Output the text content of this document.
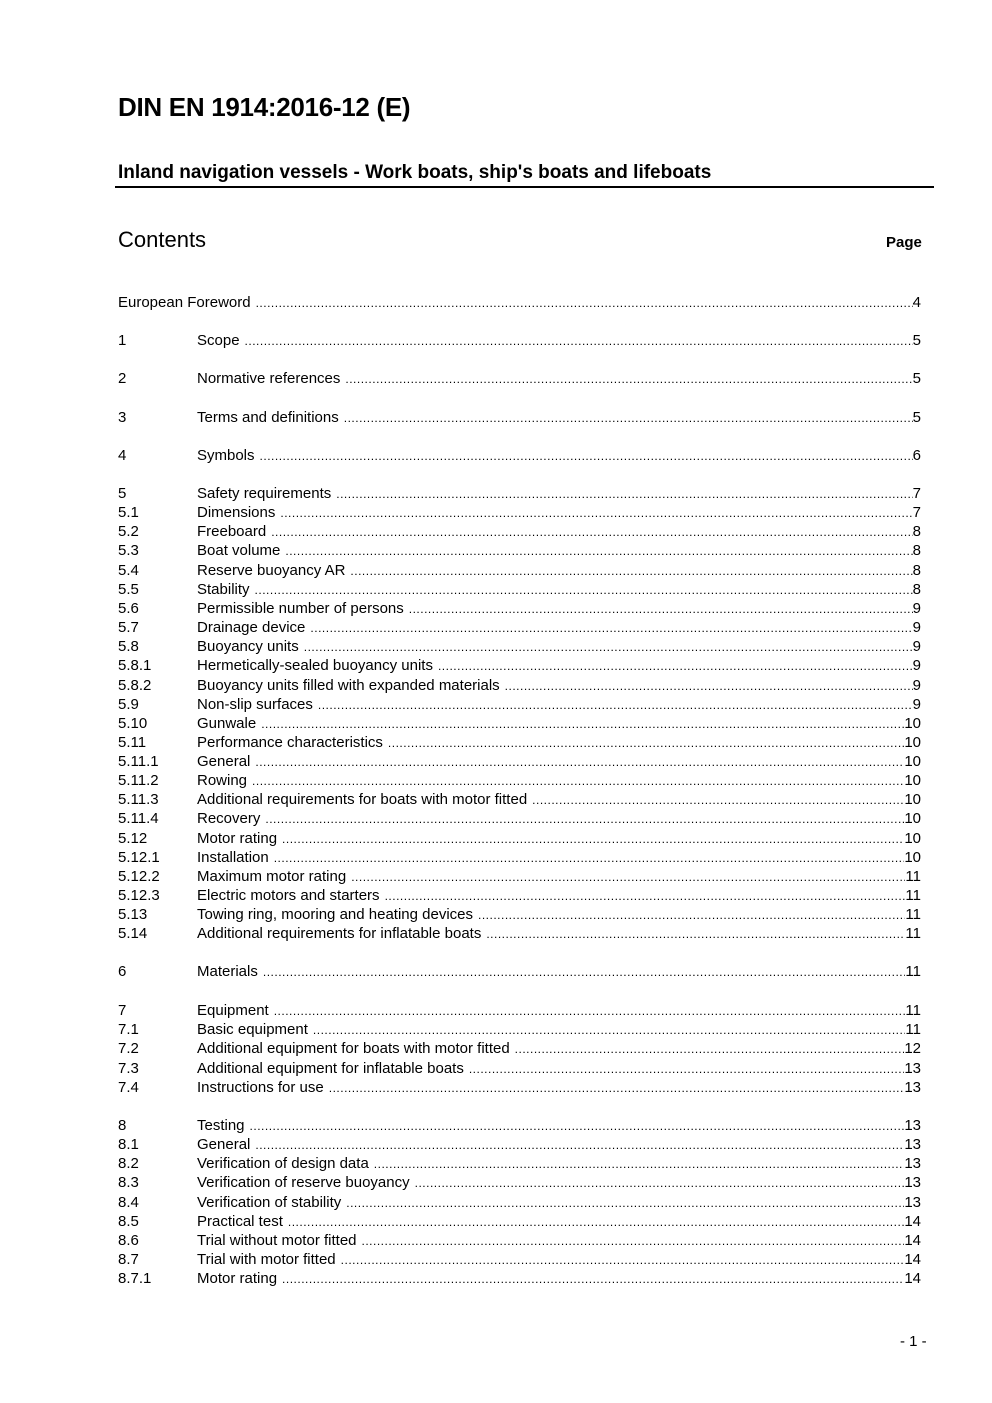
DIN EN 1914:2016-12 (E)
Inland navigation vessels - Work boats, ship's boats and lifeboats
Contents	Page
European Foreword .....	4
1	Scope .....	5
2	Normative references .....	5
3	Terms and definitions .....	5
4	Symbols .....	6
5	Safety requirements .....	7
5.1	Dimensions .....	7
5.2	Freeboard .....	8
5.3	Boat volume .....	8
5.4	Reserve buoyancy AR .....	8
5.5	Stability .....	8
5.6	Permissible number of persons .....	9
5.7	Drainage device .....	9
5.8	Buoyancy units .....	9
5.8.1	Hermetically-sealed buoyancy units .....	9
5.8.2	Buoyancy units filled with expanded materials .....	9
5.9	Non-slip surfaces .....	9
5.10	Gunwale .....	10
5.11	Performance characteristics .....	10
5.11.1	General .....	10
5.11.2	Rowing .....	10
5.11.3	Additional requirements for boats with motor fitted .....	10
5.11.4	Recovery .....	10
5.12	Motor rating .....	10
5.12.1	Installation .....	10
5.12.2	Maximum motor rating .....	11
5.12.3	Electric motors and starters .....	11
5.13	Towing ring, mooring and heating devices .....	11
5.14	Additional requirements for inflatable boats .....	11
6	Materials .....	11
7	Equipment .....	11
7.1	Basic equipment .....	11
7.2	Additional equipment for boats with motor fitted .....	12
7.3	Additional equipment for inflatable boats .....	13
7.4	Instructions for use .....	13
8	Testing .....	13
8.1	General .....	13
8.2	Verification of design data .....	13
8.3	Verification of reserve buoyancy .....	13
8.4	Verification of stability .....	13
8.5	Practical test .....	14
8.6	Trial without motor fitted .....	14
8.7	Trial with motor fitted .....	14
8.7.1	Motor rating .....	14
- 1 -
